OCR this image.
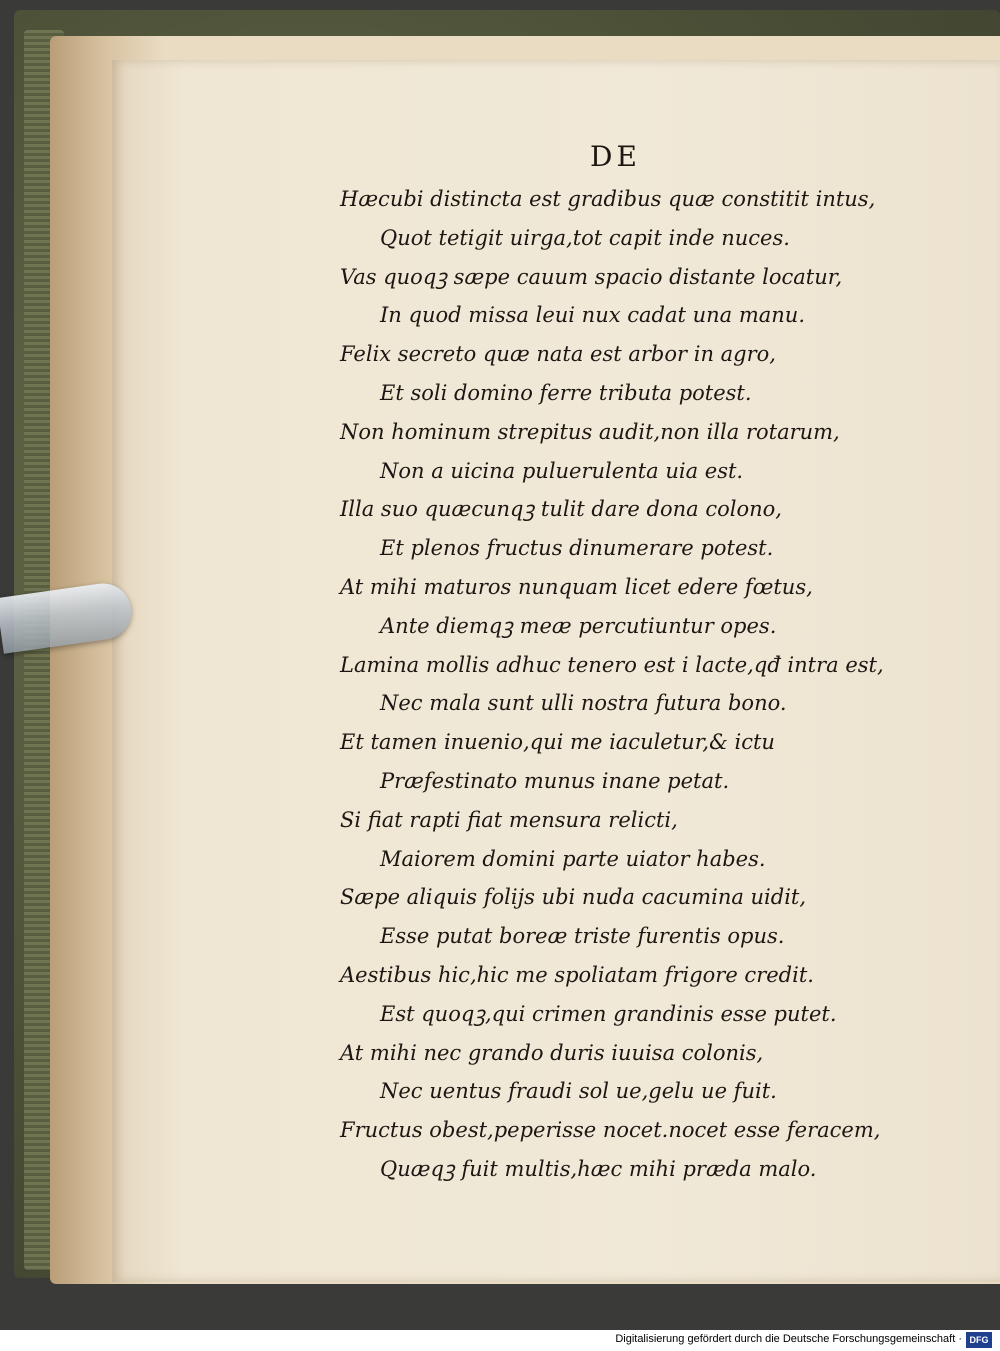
DE
Hæcubi distincta est gradibus quæ constitit intus,
Quot tetigit uirga,tot capit inde nuces.
Vas quoqꝫ sæpe cauum spacio distante locatur,
In quod missa leui nux cadat una manu.
Felix secreto quæ nata est arbor in agro,
Et soli domino ferre tributa potest.
Non hominum strepitus audit,non illa rotarum,
Non a uicina puluerulenta uia est.
Illa suo quæcunqꝫ tulit dare dona colono,
Et plenos fructus dinumerare potest.
At mihi maturos nunquam licet edere fœtus,
Ante diemqꝫ meæ percutiuntur opes.
Lamina mollis adhuc tenero est i lacte,qđ intra est,
Nec mala sunt ulli nostra futura bono.
Et tamen inuenio,qui me iaculetur,& ictu
Præfestinato munus inane petat.
Si fiat rapti fiat mensura relicti,
Maiorem domini parte uiator habes.
Sæpe aliquis folijs ubi nuda cacumina uidit,
Esse putat boreæ triste furentis opus.
Aestibus hic,hic me spoliatam frigore credit.
Est quoqꝫ,qui crimen grandinis esse putet.
At mihi nec grando duris iuuisa colonis,
Nec uentus fraudi sol ue,gelu ue fuit.
Fructus obest,peperisse nocet.nocet esse feracem,
Quæqꝫ fuit multis,hæc mihi præda malo.
Digitalisierung gefördert durch die Deutsche Forschungsgemeinschaft · DFG
